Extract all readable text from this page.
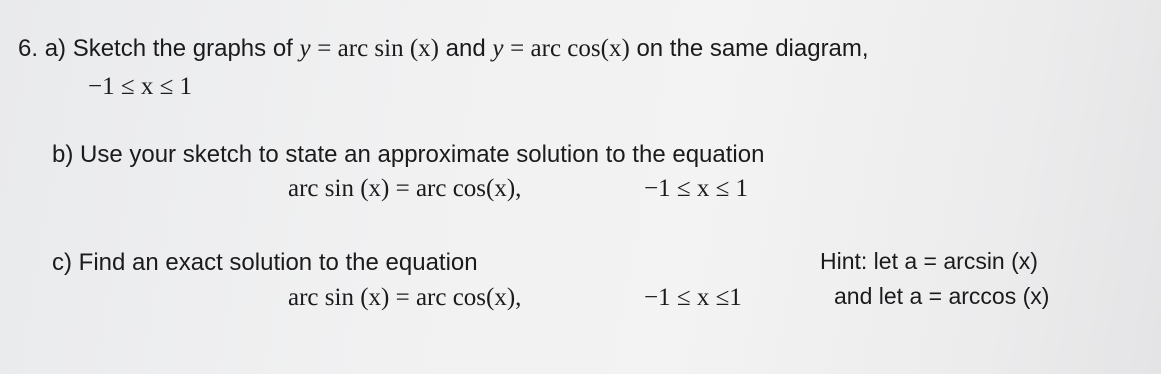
6. a) Sketch the graphs of y = arc sin (x) and y = arc cos(x) on the same diagram,
−1 ≤ x ≤ 1
b) Use your sketch to state an approximate solution to the equation
arc sin (x) = arc cos(x),	−1 ≤ x ≤ 1
c) Find an exact solution to the equation
arc sin (x) = arc cos(x),	−1 ≤ x ≤1
Hint: let a = arcsin (x)
and let a = arccos (x)
